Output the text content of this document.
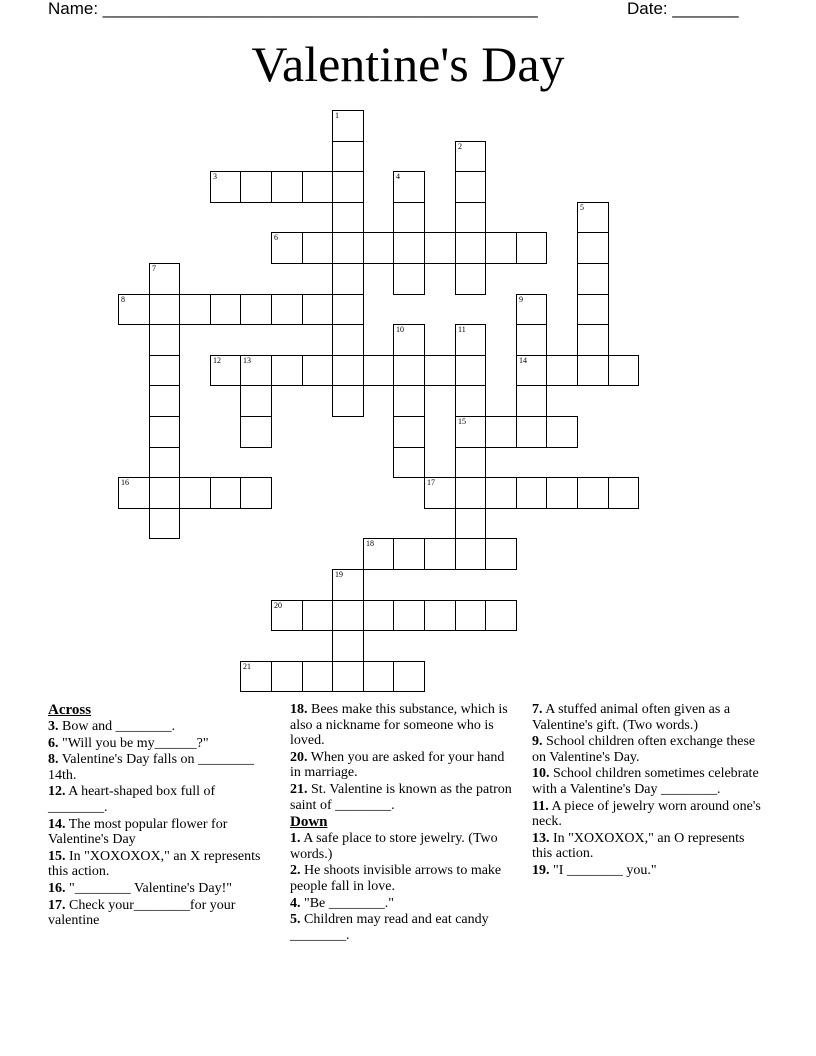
Name: ______________________________________________	Date: _______
Valentine's Day
1
2
3	4
5
6
7
8	9
14
10	11
15
12	13
16	17
18
19
20
21
Across
3. Bow and ________.
6. "Will you be my______?"
8. Valentine's Day falls on ________ 14th.
12. A heart-shaped box full of ________.
14. The most popular flower for Valentine's Day
15. In "XOXOXOX," an X represents this action.
16. "________ Valentine's Day!"
17. Check your________for your valentine
18. Bees make this substance, which is also a nickname for someone who is loved.
20. When you are asked for your hand in marriage.
21. St. Valentine is known as the patron saint of ________.
Down
1. A safe place to store jewelry. (Two words.)
2. He shoots invisible arrows to make people fall in love.
4. "Be ________."
5. Children may read and eat candy ________.
7. A stuffed animal often given as a Valentine's gift. (Two words.)
9. School children often exchange these on Valentine's Day.
10. School children sometimes celebrate with a Valentine's Day ________.
11. A piece of jewelry worn around one's neck.
13. In "XOXOXOX," an O represents this action.
19. "I ________ you."
